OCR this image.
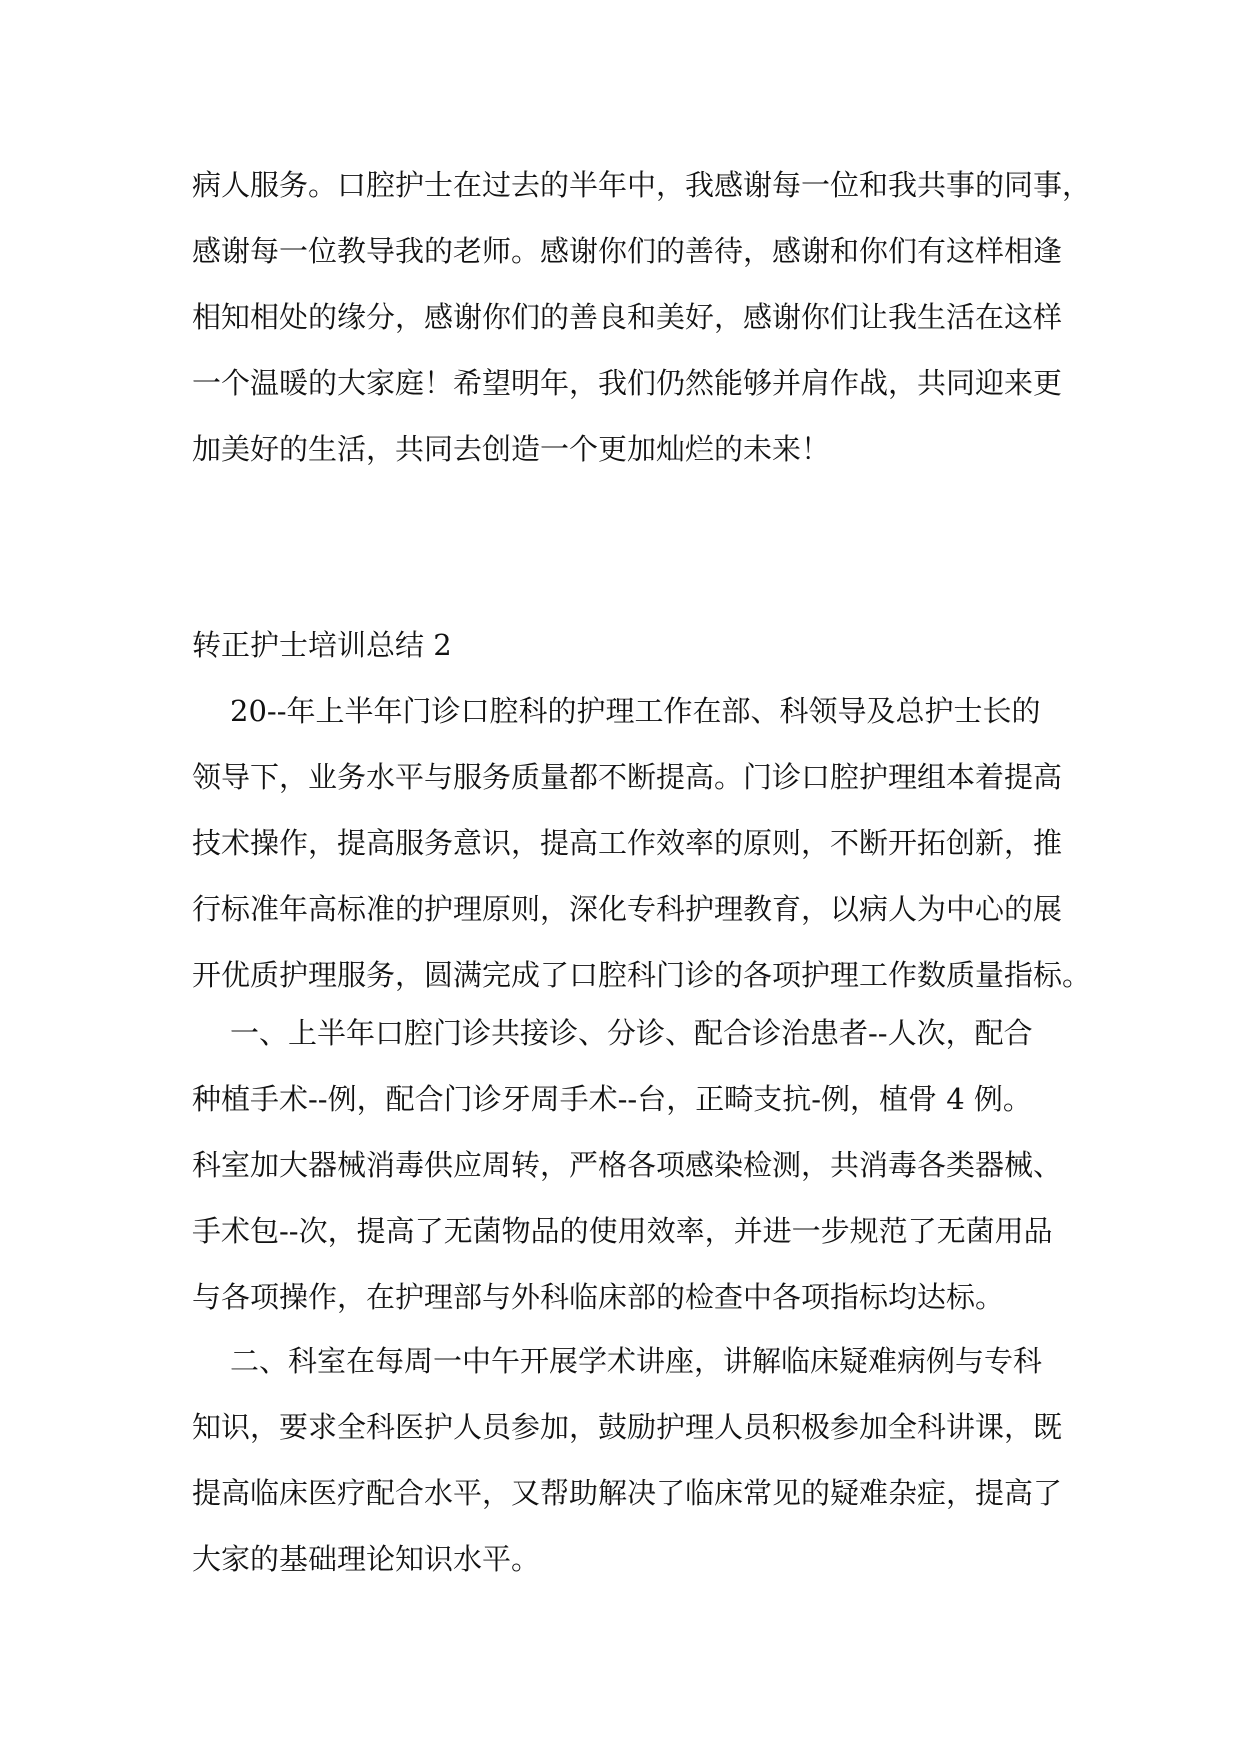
病人服务。口腔护士在过去的半年中，我感谢每一位和我共事的同事，
感谢每一位教导我的老师。感谢你们的善待，感谢和你们有这样相逢
相知相处的缘分，感谢你们的善良和美好，感谢你们让我生活在这样
一个温暖的大家庭！希望明年，我们仍然能够并肩作战，共同迎来更
加美好的生活，共同去创造一个更加灿烂的未来！
转正护士培训总结 2
20--年上半年门诊口腔科的护理工作在部、科领导及总护士长的
领导下，业务水平与服务质量都不断提高。门诊口腔护理组本着提高
技术操作，提高服务意识，提高工作效率的原则，不断开拓创新，推
行标准年高标准的护理原则，深化专科护理教育，以病人为中心的展
开优质护理服务，圆满完成了口腔科门诊的各项护理工作数质量指标。
一、上半年口腔门诊共接诊、分诊、配合诊治患者--人次，配合
种植手术--例，配合门诊牙周手术--台，正畸支抗-例，植骨 4 例。
科室加大器械消毒供应周转，严格各项感染检测，共消毒各类器械、
手术包--次，提高了无菌物品的使用效率，并进一步规范了无菌用品
与各项操作，在护理部与外科临床部的检查中各项指标均达标。
二、科室在每周一中午开展学术讲座，讲解临床疑难病例与专科
知识，要求全科医护人员参加，鼓励护理人员积极参加全科讲课，既
提高临床医疗配合水平，又帮助解决了临床常见的疑难杂症，提高了
大家的基础理论知识水平。
